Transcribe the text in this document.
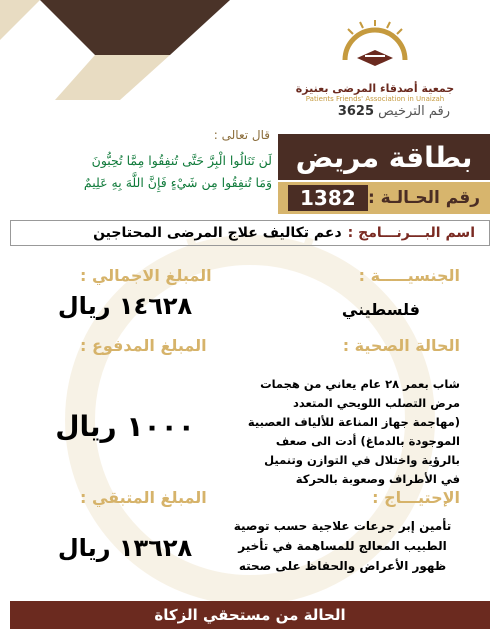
جمعية أصدقاء المرضى بعنيزة
Patients Friends' Association in Unaizah
رقم الترخيص 3625
قال تعالى :
لَن تَنَالُوا الْبِرَّ حَتَّى تُنفِقُوا مِمَّا تُحِبُّونَ
وَمَا تُنفِقُوا مِن شَيْءٍ فَإِنَّ اللَّهَ بِهِ عَلِيمٌ
بطاقة مريض
رقم الحـالـة :
1382
اسم البـــرنـــامج :
دعم تكاليف علاج المرضى المحتاجين
الجنسيـــــة :
فلسطيني
الحالة الصحية :
شاب بعمر ٢٨ عام يعاني من هجمات مرض التصلب اللويحي المتعدد (مهاجمة جهاز المناعة للألياف العصبية الموجودة بالدماغ) أدت الى صعف بالرؤية واختلال في التوازن وتنميل في الأطراف وصعوبة بالحركة
الإحتيـــاج :
تأمين إبر جرعات علاجية حسب توصية الطبيب المعالج للمساهمة في تأخير ظهور الأعراض والحفاظ على صحته
المبلغ الاجمالي :
١٤٦٢٨ ريال
المبلغ المدفوع :
١٠٠٠ ريال
المبلغ المتبقي :
١٣٦٢٨ ريال
الحالة من مستحقي الزكاة
